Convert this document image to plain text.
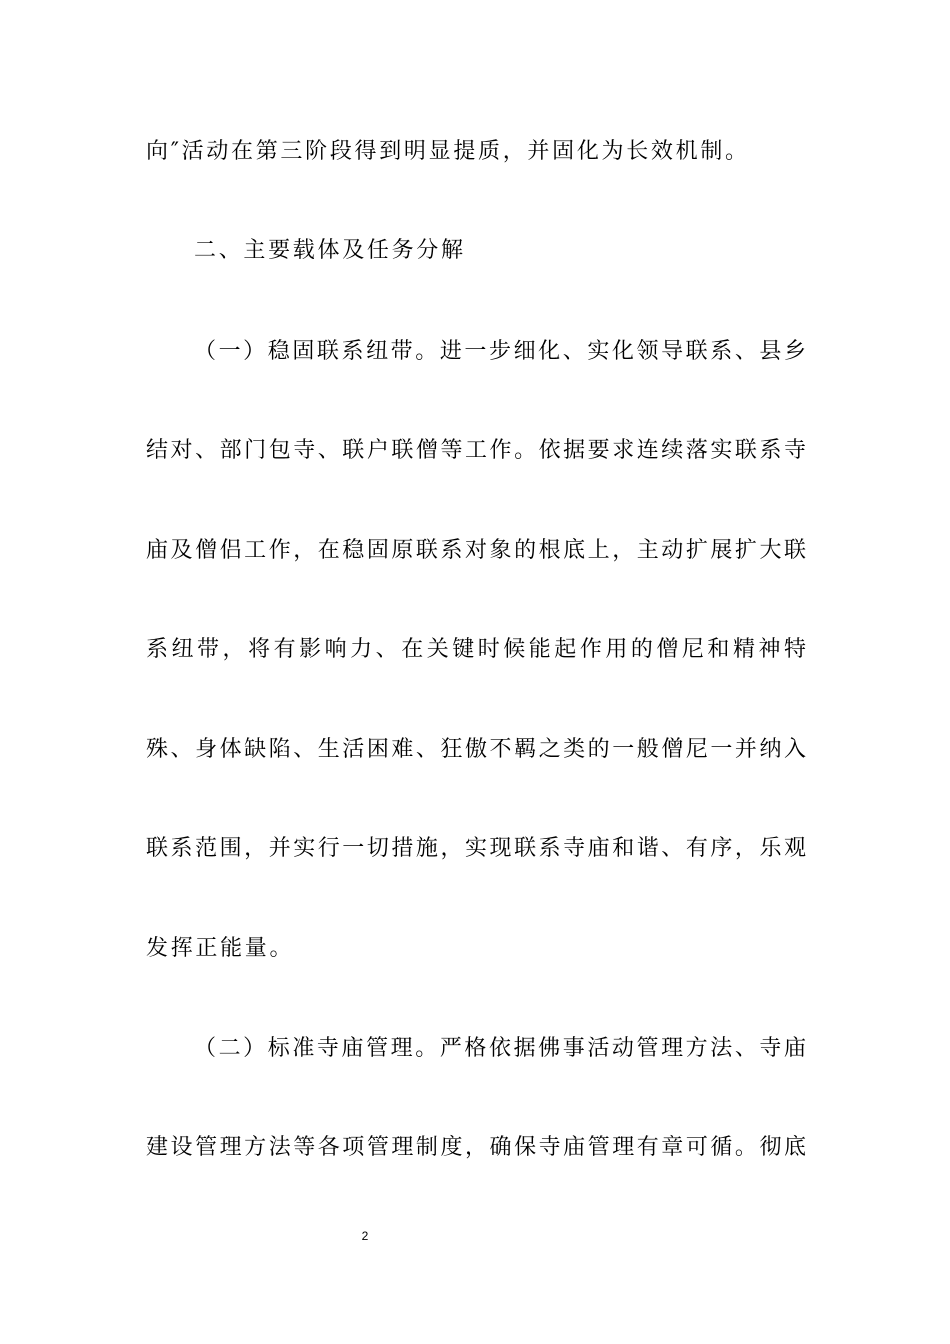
向″活动在第三阶段得到明显提质，并固化为长效机制。
二、主要载体及任务分解
（一）稳固联系纽带。进一步细化、实化领导联系、县乡
结对、部门包寺、联户联僧等工作。依据要求连续落实联系寺
庙及僧侣工作，在稳固原联系对象的根底上，主动扩展扩大联
系纽带，将有影响力、在关键时候能起作用的僧尼和精神特
殊、身体缺陷、生活困难、狂傲不羁之类的一般僧尼一并纳入
联系范围，并实行一切措施，实现联系寺庙和谐、有序，乐观
发挥正能量。
（二）标准寺庙管理。严格依据佛事活动管理方法、寺庙
建设管理方法等各项管理制度，确保寺庙管理有章可循。彻底
2
